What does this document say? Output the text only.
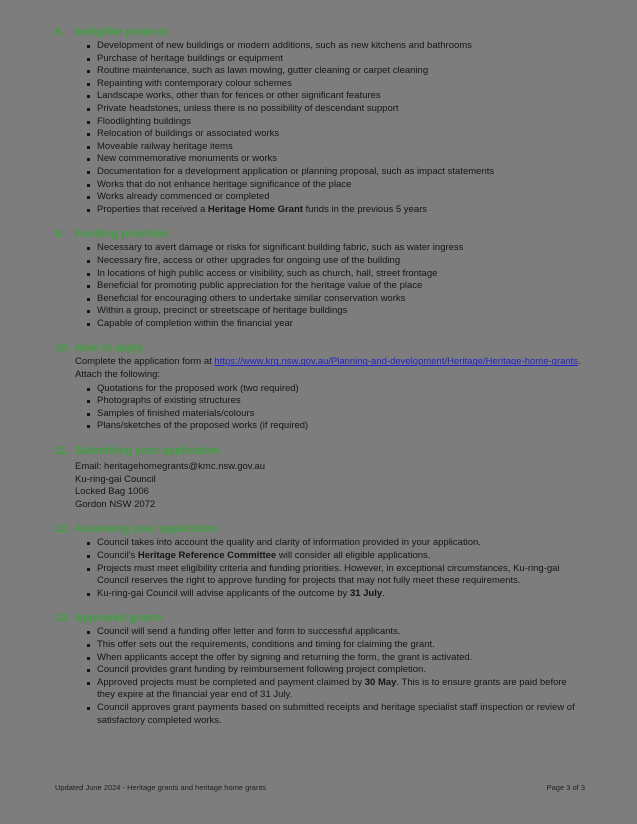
8. Ineligible projects
Development of new buildings or modern additions, such as new kitchens and bathrooms
Purchase of heritage buildings or equipment
Routine maintenance, such as lawn mowing, gutter cleaning or carpet cleaning
Repainting with contemporary colour schemes
Landscape works, other than for fences or other significant features
Private headstones, unless there is no possibility of descendant support
Floodlighting buildings
Relocation of buildings or associated works
Moveable railway heritage items
New commemorative monuments or works
Documentation for a development application or planning proposal, such as impact statements
Works that do not enhance heritage significance of the place
Works already commenced or completed
Properties that received a Heritage Home Grant funds in the previous 5 years
9. Funding priorities
Necessary to avert damage or risks for significant building fabric, such as water ingress
Necessary fire, access or other upgrades for ongoing use of the building
In locations of high public access or visibility, such as church, hall, street frontage
Beneficial for promoting public appreciation for the heritage value of the place
Beneficial for encouraging others to undertake similar conservation works
Within a group, precinct or streetscape of heritage buildings
Capable of completion within the financial year
10. How to apply
Complete the application form at https://www.krg.nsw.gov.au/Planning-and-development/Heritage/Heritage-home-grants. Attach the following:
Quotations for the proposed work (two required)
Photographs of existing structures
Samples of finished materials/colours
Plans/sketches of the proposed works (if required)
11. Submitting your application
Email: heritagehomegrants@kmc.nsw.gov.au
Ku-ring-gai Council
Locked Bag 1006
Gordon NSW 2072
12. Assessing your application
Council takes into account the quality and clarity of information provided in your application.
Council's Heritage Reference Committee will consider all eligible applications.
Projects must meet eligibility criteria and funding priorities. However, in exceptional circumstances, Ku-ring-gai Council reserves the right to approve funding for projects that may not fully meet these requirements.
Ku-ring-gai Council will advise applicants of the outcome by 31 July.
13. Approved grants
Council will send a funding offer letter and form to successful applicants.
This offer sets out the requirements, conditions and timing for claiming the grant.
When applicants accept the offer by signing and returning the form, the grant is activated.
Council provides grant funding by reimbursement following project completion.
Approved projects must be completed and payment claimed by 30 May. This is to ensure grants are paid before they expire at the financial year end of 31 July.
Council approves grant payments based on submitted receipts and heritage specialist staff inspection or review of satisfactory completed works.
Updated June 2024 - Heritage grants and heritage home grants	Page 3 of 3
